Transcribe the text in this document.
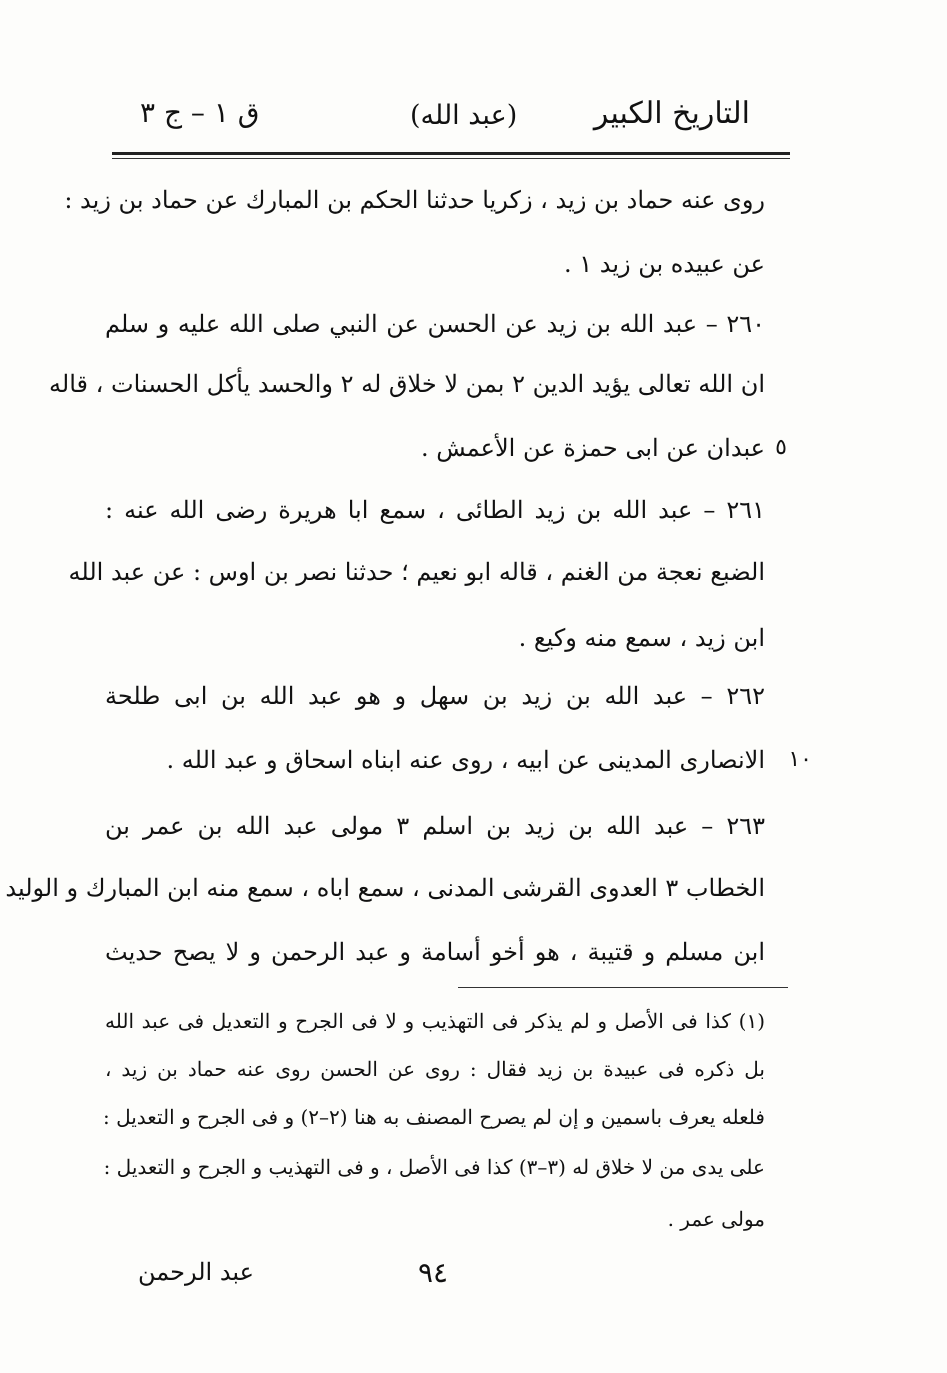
التاريخ الكبير
(عبد الله)
ق ١ – ج ٣
روى عنه حماد بن زيد ، زكريا حدثنا الحكم بن المبارك عن حماد بن زيد :
عن عبيده بن زيد ١ .
٢٦٠ – عبد الله بن زيد عن الحسن عن النبي صلى الله عليه و سلم
ان الله تعالى يؤيد الدين ٢ بمن لا خلاق له ٢ والحسد يأكل الحسنات ، قاله
عبدان عن ابى حمزة عن الأعمش . ٥
٢٦١ – عبد الله بن زيد الطائى ، سمع ابا هريرة رضى الله عنه :
الضبع نعجة من الغنم ، قاله ابو نعيم ؛ حدثنا نصر بن اوس : عن عبد الله
ابن زيد ، سمع منه وكيع .
٢٦٢ – عبد الله بن زيد بن سهل و هو عبد الله بن ابى طلحة
الانصارى المدينى عن ابيه ، روى عنه ابناه اسحاق و عبد الله . ١٠
٢٦٣ – عبد الله بن زيد بن اسلم ٣ مولى عبد الله بن عمر بن
الخطاب ٣ العدوى القرشى المدنى ، سمع اباه ، سمع منه ابن المبارك و الوليد
ابن مسلم و قتيبة ، هو أخو أسامة و عبد الرحمن و لا يصح حديث
(١) كذا فى الأصل و لم يذكر فى التهذيب و لا فى الجرح و التعديل فى عبد الله
بل ذكره فى عبيدة بن زيد فقال : روى عن الحسن روى عنه حماد بن زيد ،
فلعله يعرف باسمين و إن لم يصرح المصنف به هنا (٢–٢) و فى الجرح و التعديل :
على يدى من لا خلاق له (٣–٣) كذا فى الأصل ، و فى التهذيب و الجرح و التعديل :
مولى عمر .
عبد الرحمن	٩٤
